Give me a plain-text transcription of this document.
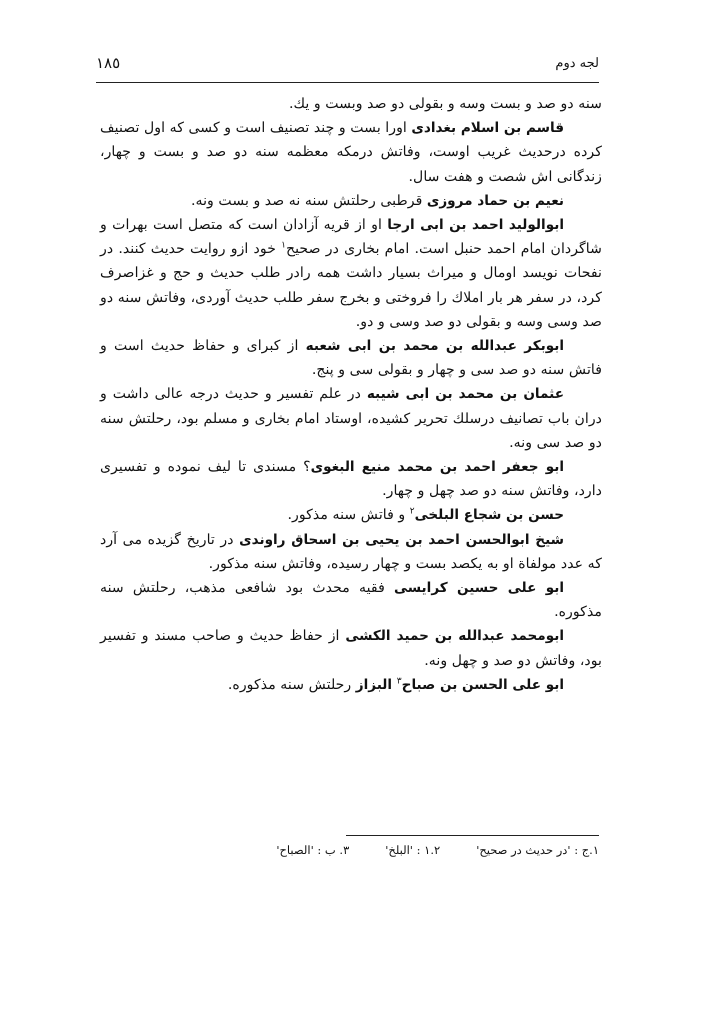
لجه دوم
١٨٥

سنه دو صد و بست وسه و بقولی دو صد وبست و یك.

قاسم بن اسلام بغدادی اورا بست و چند تصنیف است و کسی که اول تصنیف کرده درحدیث غریب اوست، وفاتش درمکه معظمه سنه دو صد و بست و چهار، زندگانی اش شصت و هفت سال.

نعیم بن حماد مروزی قرطبی رحلتش سنه نه صد و بست ونه.

ابوالولید احمد بن ابی ارجا او از قریه آزادان است که متصل است بهرات و شاگردان امام احمد حنبل است. امام بخاری در صحیح$^١$ خود ازو روایت حدیث کنند. در نفحات نویسد اومال و میراث بسیار داشت همه رادر طلب حدیث و حج و غزاصرف کرد، در سفر هر بار املاك را فروختی و بخرج سفر طلب حدیث آوردی، وفاتش سنه دو صد وسی وسه و بقولی دو صد وسی و دو.

ابوبکر عبدالله بن محمد بن ابی شعبه از کبرای و حفاظ حدیث است و فاتش سنه دو صد سی و چهار و بقولی سی و پنج.

عثمان بن محمد بن ابی شیبه در علم تفسیر و حدیث درجه عالی داشت و دران باب تصانیف درسلك تحریر کشیده، اوستاد امام بخاری و مسلم بود، رحلتش سنه دو صد سی ونه.

ابو جعفر احمد بن محمد منیع البغوی؟ مسندی تا لیف نموده و تفسیری دارد، وفاتش سنه دو صد چهل و چهار.

حسن بن شجاع البلخی$^٢$ و فاتش سنه مذکور.

شیخ ابوالحسن احمد بن یحیی بن اسحاق راوندی در تاریخ گزیده می آرد که عدد مولفاة او به یکصد بست و چهار رسیده، وفاتش سنه مذکور.

ابو علی حسین کرایسی فقیه محدث بود شافعی مذهب، رحلتش سنه مذکوره.

ابومحمد عبدالله بن حمید الکشی از حفاظ حدیث و صاحب مسند و تفسیر بود، وفاتش دو صد و چهل ونه.

ابو علی الحسن بن صباح$^٣$ البزاز رحلتش سنه مذکوره.

١.ج : 'در حدیث در صحیح'
١.٢ : 'البلخ'
٣. ب : 'الصباح'
